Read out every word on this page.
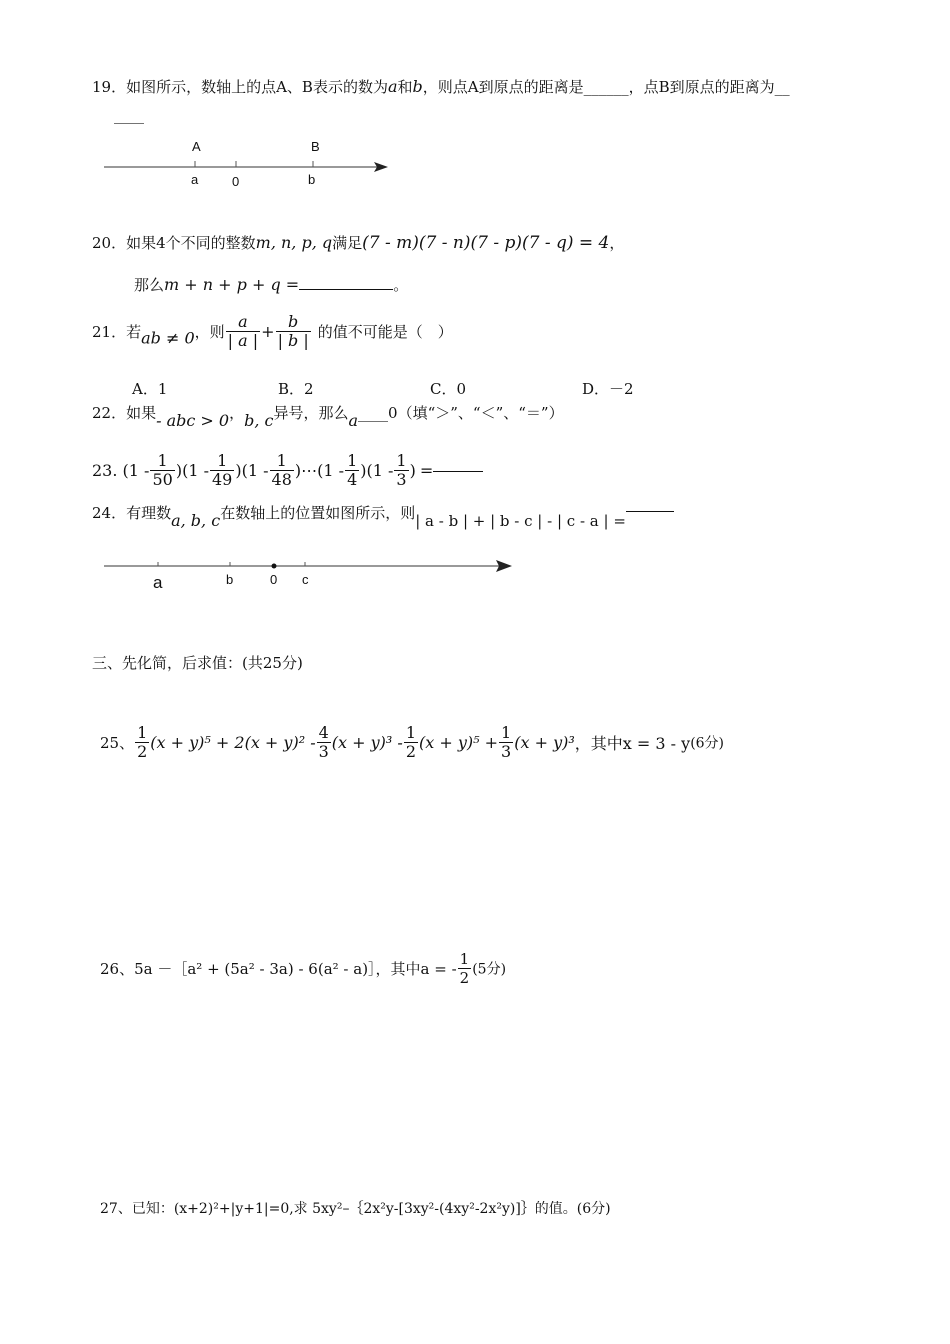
19．如图所示，数轴上的点A、B表示的数为a和b，则点A到原点的距离是______，点B到原点的距离为__
____
A	B
a	0	b
20．如果4个不同的整数m, n, p, q满足(7 - m)(7 - n)(7 - p)(7 - q) = 4，
那么m + n + p + q =	。
21．若ab ≠ 0，则 $\frac{a}{| a |} + \frac{b}{| b |}$ 的值不可能是（　）
A．1	B．2	C．0	D．－2
22．如果- abc > 0，b, c异号，那么a____0（填“＞”、“＜”、“＝”）
23. $(1 - \frac{1}{50} )(1 - \frac{1}{49} )(1 - \frac{1}{48}$ )⋯(1 - $\frac{1}{4} )(1 - \frac{1}{3}$ ) =
24．有理数a, b, c在数轴上的位置如图所示，则| a - b | + | b - c | - | c - a | =
a	b	0 c
三、先化简，后求值：(共25分)
25、 $\frac{1}{2} (x + y)^5 + 2(x + y)^2 - \frac{4}{3} (x + y)^3 - \frac{1}{2} (x + y)^5 + \frac{1}{3} (x + y)^3$，其中x = 3 - y(6分)
26、5a －［a² + (5a² - 3a) - 6(a² - a)］，其中a = - $\frac{1}{2} (5$分)
27、已知：(x+2)²+|y+1|=0,求 5xy²–｛2x²y-[3xy²-(4xy²-2x²y)]｝的值。(6分)
